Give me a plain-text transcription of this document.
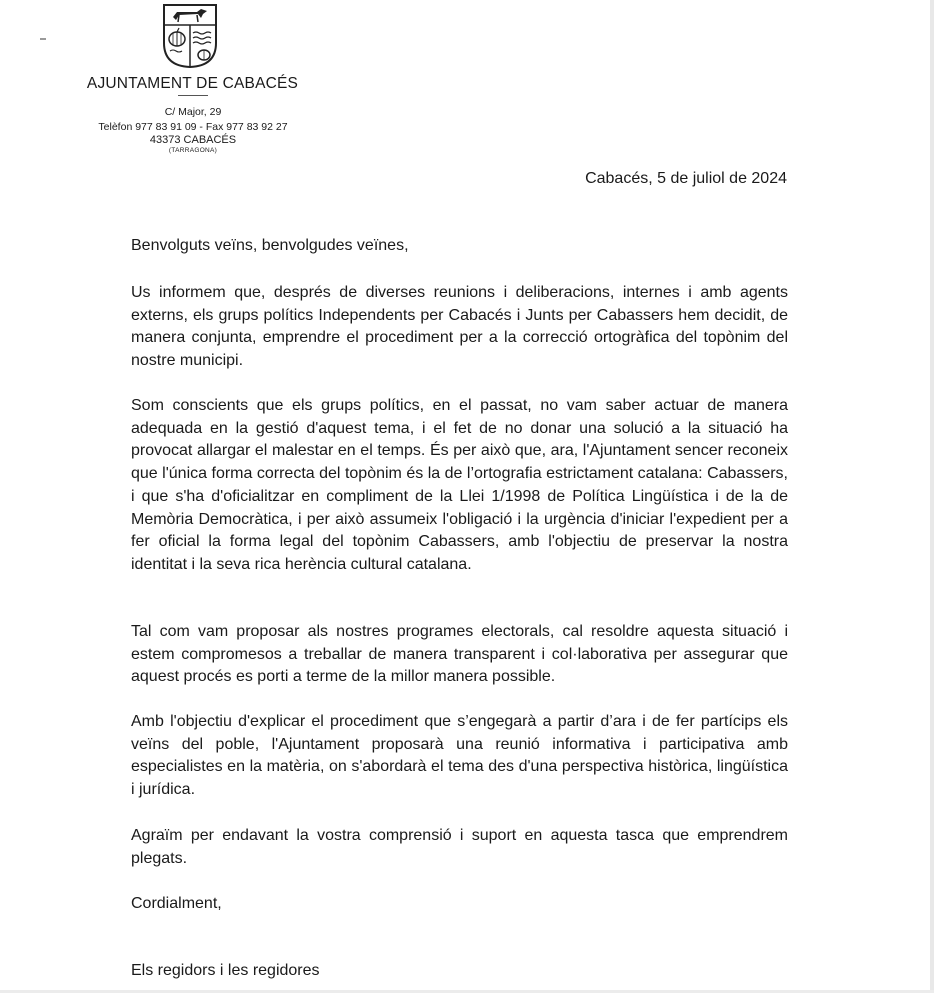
AJUNTAMENT DE CABACÉS
C/ Major, 29
Telèfon 977 83 91 09 - Fax 977 83 92 27
43373 CABACÉS
(TARRAGONA)
Cabacés, 5 de juliol de 2024
Benvolguts veïns, benvolgudes veïnes,

Us informem que, després de diverses reunions i deliberacions, internes i amb agents externs, els grups polítics Independents per Cabacés i Junts per Cabassers hem decidit, de manera conjunta, emprendre el procediment per a la correcció ortogràfica del topònim del nostre municipi.

Som conscients que els grups polítics, en el passat, no vam saber actuar de manera adequada en la gestió d'aquest tema, i el fet de no donar una solució a la situació ha provocat allargar el malestar en el temps. És per això que, ara, l'Ajuntament sencer reconeix que l'única forma correcta del topònim és la de l’ortografia estrictament catalana: Cabassers, i que s'ha d'oficialitzar en compliment de la Llei 1/1998 de Política Lingüística i de la de Memòria Democràtica, i per això assumeix l'obligació i la urgència d'iniciar l'expedient per a fer oficial la forma legal del topònim Cabassers, amb l'objectiu de preservar la nostra identitat i la seva rica herència cultural catalana.

Tal com vam proposar als nostres programes electorals, cal resoldre aquesta situació i estem compromesos a treballar de manera transparent i col·laborativa per assegurar que aquest procés es porti a terme de la millor manera possible.

Amb l'objectiu d'explicar el procediment que s’engegarà a partir d’ara i de fer partícips els veïns del poble, l'Ajuntament proposarà una reunió informativa i participativa amb especialistes en la matèria, on s'abordarà el tema des d'una perspectiva històrica, lingüística i jurídica.

Agraïm per endavant la vostra comprensió i suport en aquesta tasca que emprendrem plegats.

Cordialment,
Els regidors i les regidores
